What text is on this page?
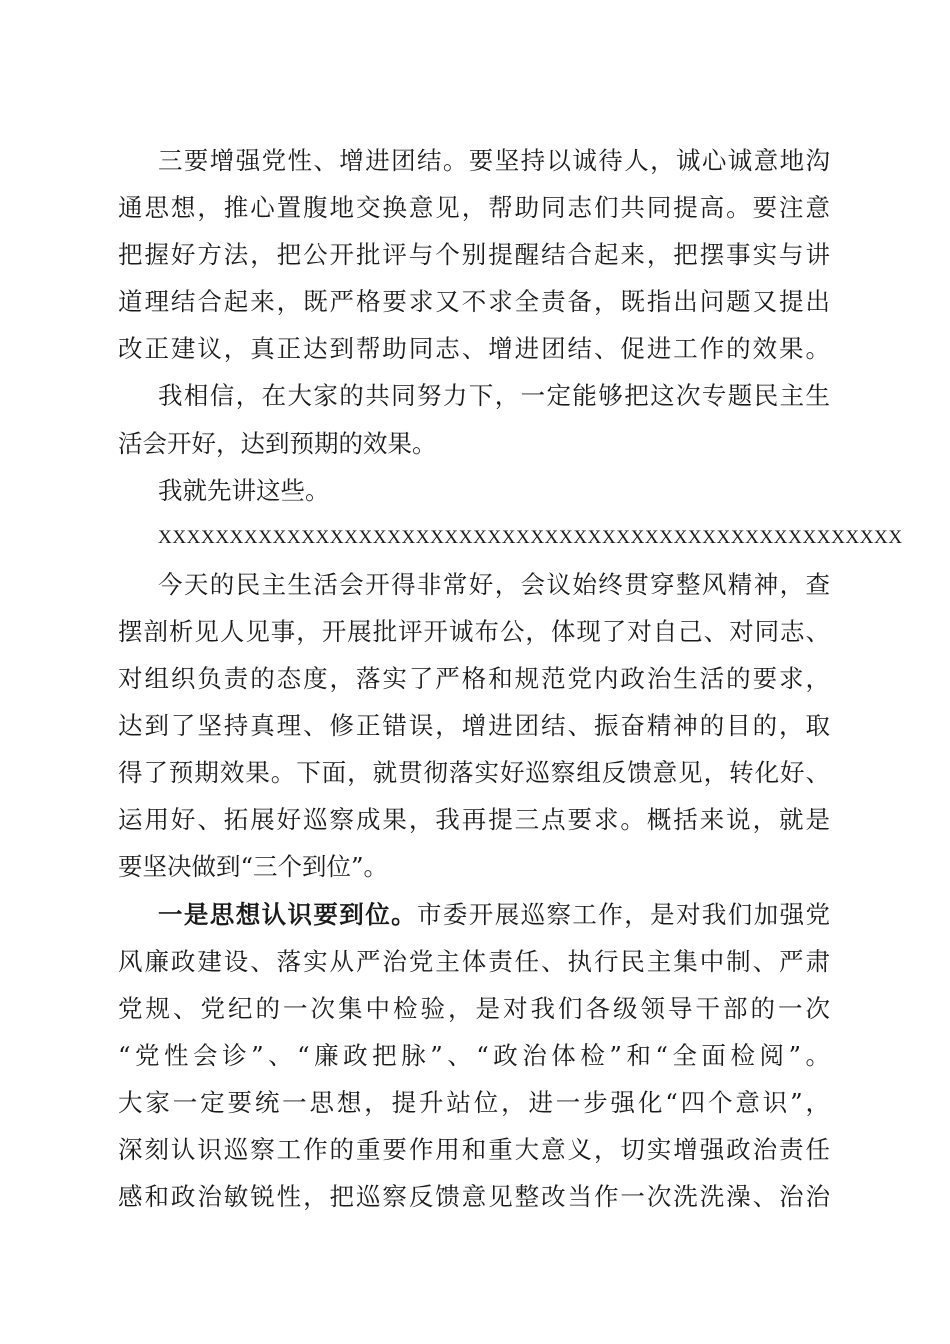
三要增强党性、增进团结。要坚持以诚待人，诚心诚意地沟
通思想，推心置腹地交换意见，帮助同志们共同提高。要注意
把握好方法，把公开批评与个别提醒结合起来，把摆事实与讲
道理结合起来，既严格要求又不求全责备，既指出问题又提出
改正建议，真正达到帮助同志、增进团结、促进工作的效果。
我相信，在大家的共同努力下，一定能够把这次专题民主生
活会开好，达到预期的效果。
我就先讲这些。
XXXXXXXXXXXXXXXXXXXXXXXXXXXXXXXXXXXXXXXXXXXXXXXXXXXX
今天的民主生活会开得非常好，会议始终贯穿整风精神，查
摆剖析见人见事，开展批评开诚布公，体现了对自己、对同志、
对组织负责的态度，落实了严格和规范党内政治生活的要求，
达到了坚持真理、修正错误，增进团结、振奋精神的目的，取
得了预期效果。下面，就贯彻落实好巡察组反馈意见，转化好、
运用好、拓展好巡察成果，我再提三点要求。概括来说，就是
要坚决做到“三个到位”。
一是思想认识要到位。市委开展巡察工作，是对我们加强党
风廉政建设、落实从严治党主体责任、执行民主集中制、严肃
党规、党纪的一次集中检验，是对我们各级领导干部的一次
“党性会诊”、“廉政把脉”、“政治体检”和“全面检阅”。
大家一定要统一思想，提升站位，进一步强化“四个意识”，
深刻认识巡察工作的重要作用和重大意义，切实增强政治责任
感和政治敏锐性，把巡察反馈意见整改当作一次洗洗澡、治治
